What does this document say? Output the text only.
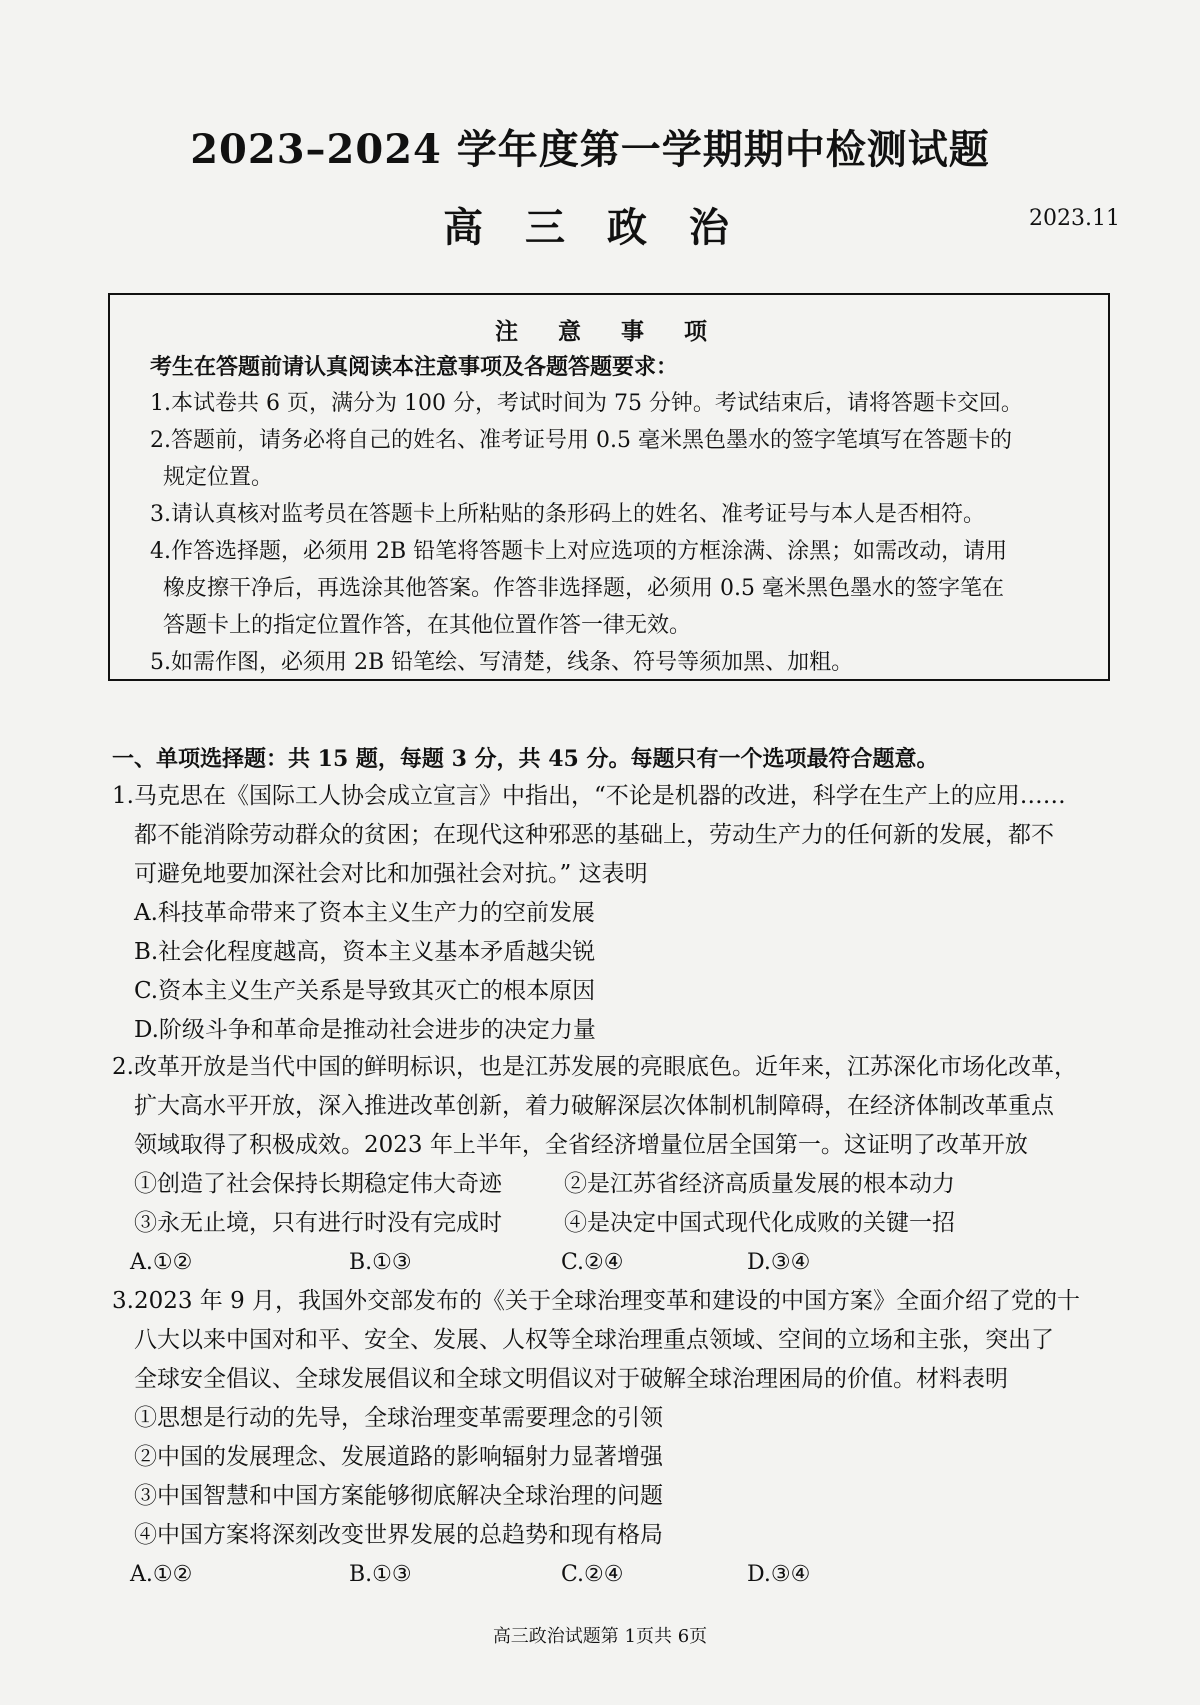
2023–2024 学年度第一学期期中检测试题
高 三 政 治	2023.11
注 意 事 项
考生在答题前请认真阅读本注意事项及各题答题要求：
1.本试卷共 6 页，满分为 100 分，考试时间为 75 分钟。考试结束后，请将答题卡交回。
2.答题前，请务必将自己的姓名、准考证号用 0.5 毫米黑色墨水的签字笔填写在答题卡的
规定位置。
3.请认真核对监考员在答题卡上所粘贴的条形码上的姓名、准考证号与本人是否相符。
4.作答选择题，必须用 2B 铅笔将答题卡上对应选项的方框涂满、涂黑；如需改动，请用
橡皮擦干净后，再选涂其他答案。作答非选择题，必须用 0.5 毫米黑色墨水的签字笔在
答题卡上的指定位置作答，在其他位置作答一律无效。
5.如需作图，必须用 2B 铅笔绘、写清楚，线条、符号等须加黑、加粗。
一、单项选择题：共 15 题，每题 3 分，共 45 分。每题只有一个选项最符合题意。
1.马克思在《国际工人协会成立宣言》中指出，“不论是机器的改进，科学在生产上的应用……
都不能消除劳动群众的贫困；在现代这种邪恶的基础上，劳动生产力的任何新的发展，都不
可避免地要加深社会对比和加强社会对抗。” 这表明
A.科技革命带来了资本主义生产力的空前发展
B.社会化程度越高，资本主义基本矛盾越尖锐
C.资本主义生产关系是导致其灭亡的根本原因
D.阶级斗争和革命是推动社会进步的决定力量
2.改革开放是当代中国的鲜明标识，也是江苏发展的亮眼底色。近年来，江苏深化市场化改革，
扩大高水平开放，深入推进改革创新，着力破解深层次体制机制障碍，在经济体制改革重点
领域取得了积极成效。2023 年上半年，全省经济增量位居全国第一。这证明了改革开放
①创造了社会保持长期稳定伟大奇迹	②是江苏省经济高质量发展的根本动力
③永无止境，只有进行时没有完成时	④是决定中国式现代化成败的关键一招
A.①②	B.①③	C.②④	D.③④
3.2023 年 9 月，我国外交部发布的《关于全球治理变革和建设的中国方案》全面介绍了党的十
八大以来中国对和平、安全、发展、人权等全球治理重点领域、空间的立场和主张，突出了
全球安全倡议、全球发展倡议和全球文明倡议对于破解全球治理困局的价值。材料表明
①思想是行动的先导，全球治理变革需要理念的引领
②中国的发展理念、发展道路的影响辐射力显著增强
③中国智慧和中国方案能够彻底解决全球治理的问题
④中国方案将深刻改变世界发展的总趋势和现有格局
A.①②	B.①③	C.②④	D.③④
高三政治试题第 1页共 6页
